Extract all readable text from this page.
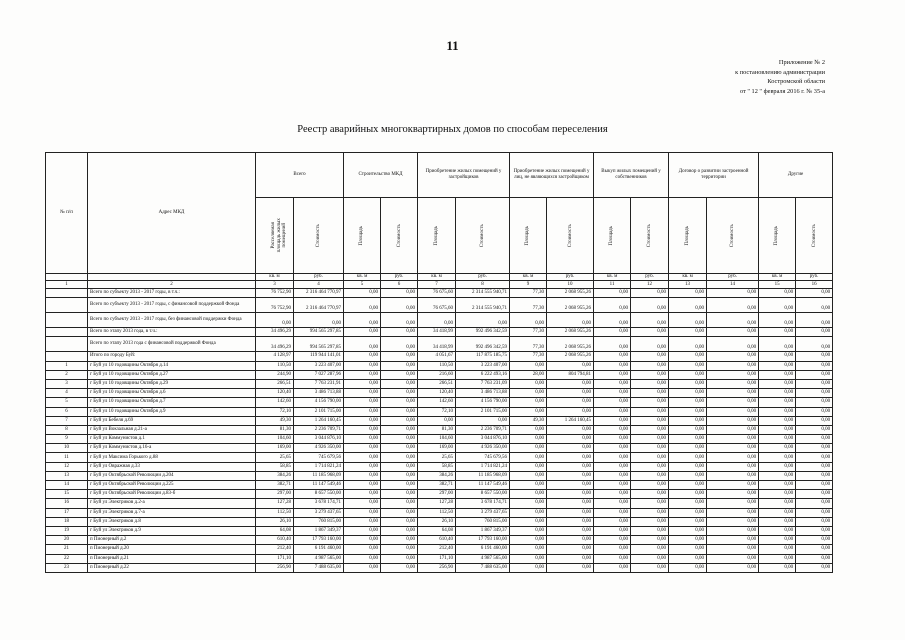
11
Приложение № 2
к постановлению администрации
Костромской области
от " 12 " февраля 2016 г. № 35-а
Реестр аварийных многоквартирных домов по способам переселения
№ п/п	Адрес МКД	Всего		Строительство МКД		Приобретение жилых помещений у застройщиков		Приобретение жилых помещений у лиц, не являющихся застройщиком		Выкуп жилых помещений у собственников		Договор о развитии застроенной территории		Другие	
		Расселяемая площадь жилых помещений	Стоимость	Площадь	Стоимость	Площадь	Стоимость	Площадь	Стоимость	Площадь	Стоимость	Площадь	Стоимость	Площадь	Стоимость
		кв. м	руб.	кв. м	руб.	кв. м	руб.	кв. м	руб.	кв. м	руб.	кв. м	руб.	кв. м	руб.
1	2	3	4	5	6	7	8	9	10	11	12	13	14	15	16
	Всего по субъекту 2013 - 2017 годы, в т.ч.:	76 752,90	2 316 464 770,97	0,00	0,00	76 675,60	2 314 555 940,71	77,30	2 068 955,26	0,00	0,00	0,00	0,00	0,00	0,00
	Всего по субъекту 2013 - 2017 годы, с финансовой поддержкой Фонда	76 752,90	2 316 464 770,97	0,00	0,00	76 675,60	2 314 555 940,71	77,30	2 068 955,26	0,00	0,00	0,00	0,00	0,00	0,00
	Всего по субъекту 2013 - 2017 годы, без финансовой поддержки Фонда	0,00	0,00	0,00	0,00	0,00	0,00	0,00	0,00	0,00	0,00	0,00	0,00	0,00	0,00
	Всего по этапу 2013 года, в т.ч.:	34 496,29	994 565 297,85	0,00	0,00	34 418,99	992 496 342,59	77,30	2 068 955,26	0,00	0,00	0,00	0,00	0,00	0,00
	Всего по этапу 2013 года с финансовой поддержкой Фонда	34 496,29	994 565 297,85	0,00	0,00	34 418,99	992 496 342,59	77,30	2 068 955,26	0,00	0,00	0,00	0,00	0,00	0,00
	Итого по городу Буй:	4 128,97	119 944 141,01	0,00	0,00	4 051,67	117 875 185,75	77,30	2 068 955,26	0,00	0,00	0,00	0,00	0,00	0,00
1	г Буй ул 10 годовщины Октября д.14	110,50	3 223 407,00	0,00	0,00	110,50	3 223 407,00	0,00	0,00	0,00	0,00	0,00	0,00	0,00	0,00
2	г Буй ул 10 годовщины Октября д.27	244,90	7 027 287,96	0,00	0,00	216,60	6 222 493,16	28,00	804 794,81	0,00	0,00	0,00	0,00	0,00	0,00
3	г Буй ул 10 годовщины Октября д.29	266,51	7 763 231,91	0,00	0,00	266,51	7 763 231,09	0,00	0,00	0,00	0,00	0,00	0,00	0,00	0,00
4	г Буй ул 10 годовщины Октября д.6	120,40	3 486 713,88	0,00	0,00	120,40	3 486 713,88	0,00	0,00	0,00	0,00	0,00	0,00	0,00	0,00
5	г Буй ул 10 годовщины Октября д.7	142,60	4 156 790,00	0,00	0,00	142,60	4 156 790,00	0,00	0,00	0,00	0,00	0,00	0,00	0,00	0,00
6	г Буй ул 10 годовщины Октября д.9	72,10	2 101 715,00	0,00	0,00	72,10	2 101 715,00	0,00	0,00	0,00	0,00	0,00	0,00	0,00	0,00
7	г Буй ул Бебеля д.69	49,30	1 264 160,45	0,00	0,00	0,00	0,00	49,30	1 264 160,45	0,00	0,00	0,00	0,00	0,00	0,00
8	г Буй ул Вокзальная д.21-а	81,30	2 236 709,71	0,00	0,00	81,30	2 236 709,71	0,00	0,00	0,00	0,00	0,00	0,00	0,00	0,00
9	г Буй ул Коммунистов д.1	104,60	3 044 876,10	0,00	0,00	104,60	3 044 876,10	0,00	0,00	0,00	0,00	0,00	0,00	0,00	0,00
10	г Буй ул Коммунистов д.16-а	169,00	4 926 350,00	0,00	0,00	169,00	4 926 350,00	0,00	0,00	0,00	0,00	0,00	0,00	0,00	0,00
11	г Буй ул Максима Горького д.88	25,65	745 679,56	0,00	0,00	25,65	745 679,56	0,00	0,00	0,00	0,00	0,00	0,00	0,00	0,00
12	г Буй ул Овражная д.33	58,85	1 714 821,24	0,00	0,00	58,85	1 714 821,24	0,00	0,00	0,00	0,00	0,00	0,00	0,00	0,00
13	г Буй ул Октябрьской Революции д.204	384,26	11 185 968,09	0,00	0,00	384,26	11 185 968,09	0,00	0,00	0,00	0,00	0,00	0,00	0,00	0,00
14	г Буй ул Октябрьской Революции д.225	382,71	11 147 549,46	0,00	0,00	382,71	11 147 549,46	0,00	0,00	0,00	0,00	0,00	0,00	0,00	0,00
15	г Буй ул Октябрьской Революции д.83-б	297,00	8 657 550,00	0,00	0,00	297,00	8 657 550,00	0,00	0,00	0,00	0,00	0,00	0,00	0,00	0,00
16	г Буй ул Электриков д.2-а	127,28	3 678 174,71	0,00	0,00	127,28	3 678 174,71	0,00	0,00	0,00	0,00	0,00	0,00	0,00	0,00
17	г Буй ул Электриков д.7-а	112,50	3 279 437,65	0,00	0,00	112,50	3 279 437,65	0,00	0,00	0,00	0,00	0,00	0,00	0,00	0,00
18	г Буй ул Электриков д.8	26,10	760 815,00	0,00	0,00	26,10	760 815,00	0,00	0,00	0,00	0,00	0,00	0,00	0,00	0,00
19	г Буй ул Электриков д.9	64,08	1 867 349,37	0,00	0,00	64,08	1 867 349,37	0,00	0,00	0,00	0,00	0,00	0,00	0,00	0,00
20	п Пионерный д.2	610,40	17 793 160,00	0,00	0,00	610,40	17 793 160,00	0,00	0,00	0,00	0,00	0,00	0,00	0,00	0,00
21	п Пионерный д.20	212,40	6 191 460,00	0,00	0,00	212,40	6 191 460,00	0,00	0,00	0,00	0,00	0,00	0,00	0,00	0,00
22	п Пионерный д.21	171,10	4 987 565,00	0,00	0,00	171,10	4 987 565,00	0,00	0,00	0,00	0,00	0,00	0,00	0,00	0,00
23	п Пионерный д.22	256,90	7 488 635,00	0,00	0,00	256,90	7 488 635,00	0,00	0,00	0,00	0,00	0,00	0,00	0,00	0,00
